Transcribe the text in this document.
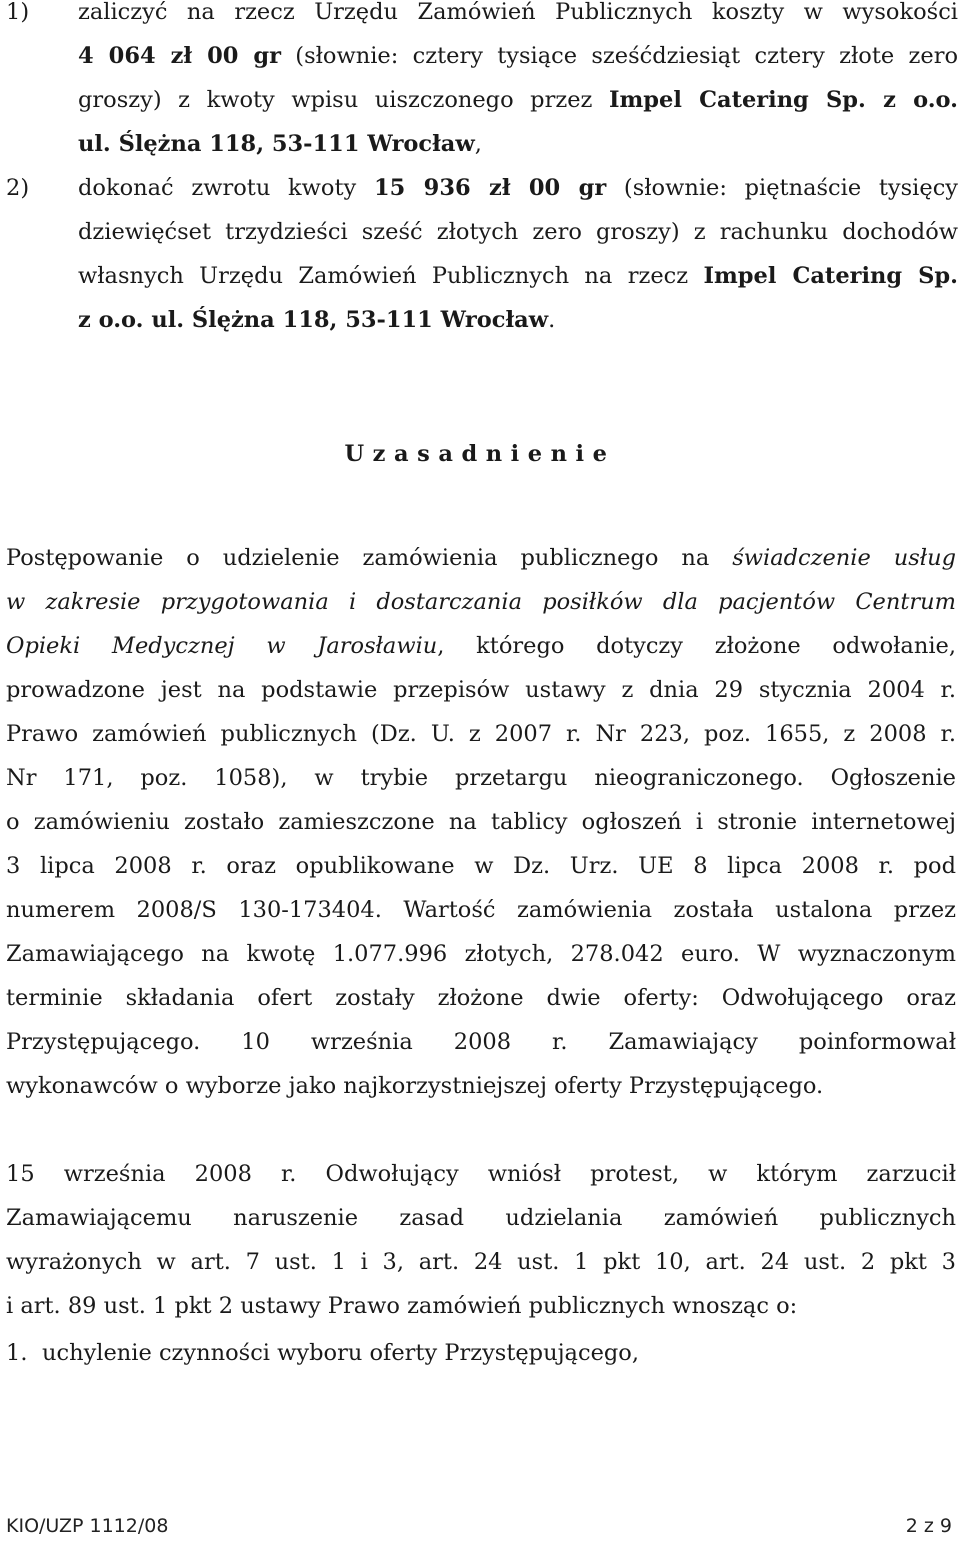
1) zaliczyć na rzecz Urzędu Zamówień Publicznych koszty w wysokości
4 064 zł 00 gr (słownie: cztery tysiące sześćdziesiąt cztery złote zero
groszy) z kwoty wpisu uiszczonego przez Impel Catering Sp. z o.o.
ul. Ślężna 118, 53-111 Wrocław,
2) dokonać zwrotu kwoty 15 936 zł 00 gr (słownie: piętnaście tysięcy
dziewięćset trzydzieści sześć złotych zero groszy) z rachunku dochodów
własnych Urzędu Zamówień Publicznych na rzecz Impel Catering Sp.
z o.o. ul. Ślężna 118, 53-111 Wrocław.
Uzasadnienie
Postępowanie o udzielenie zamówienia publicznego na świadczenie usług
w zakresie przygotowania i dostarczania posiłków dla pacjentów Centrum
Opieki Medycznej w Jarosławiu, którego dotyczy złożone odwołanie,
prowadzone jest na podstawie przepisów ustawy z dnia 29 stycznia 2004 r.
Prawo zamówień publicznych (Dz. U. z 2007 r. Nr 223, poz. 1655, z 2008 r.
Nr 171, poz. 1058), w trybie przetargu nieograniczonego. Ogłoszenie
o zamówieniu zostało zamieszczone na tablicy ogłoszeń i stronie internetowej
3 lipca 2008 r. oraz opublikowane w Dz. Urz. UE 8 lipca 2008 r. pod
numerem 2008/S 130-173404. Wartość zamówienia została ustalona przez
Zamawiającego na kwotę 1.077.996 złotych, 278.042 euro. W wyznaczonym
terminie składania ofert zostały złożone dwie oferty: Odwołującego oraz
Przystępującego. 10 września 2008 r. Zamawiający poinformował
wykonawców o wyborze jako najkorzystniejszej oferty Przystępującego.
15 września 2008 r. Odwołujący wniósł protest, w którym zarzucił
Zamawiającemu naruszenie zasad udzielania zamówień publicznych
wyrażonych w art. 7 ust. 1 i 3, art. 24 ust. 1 pkt 10, art. 24 ust. 2 pkt 3
i art. 89 ust. 1 pkt 2 ustawy Prawo zamówień publicznych wnosząc o:
1. uchylenie czynności wyboru oferty Przystępującego,
KIO/UZP 1112/08	2 z 9
